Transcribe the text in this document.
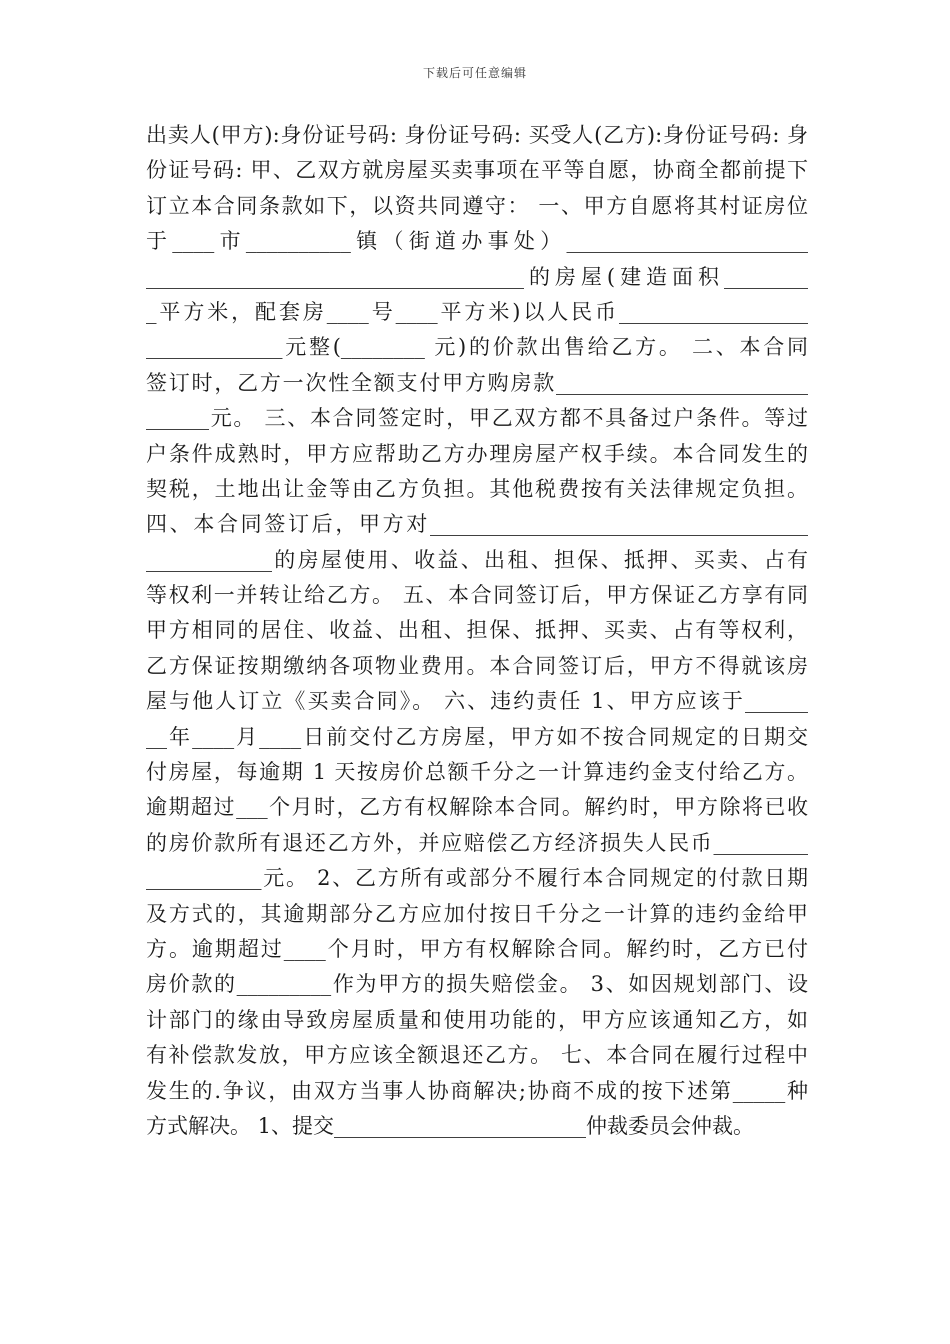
下载后可任意编辑
出卖人(甲方):身份证号码: 身份证号码: 买受人(乙方):身份证号码: 身
份证号码: 甲、乙双方就房屋买卖事项在平等自愿，协商全都前提下
订立本合同条款如下，以资共同遵守： 一、甲方自愿将其村证房位
于____市__________镇（街道办事处）_______________________
____________________________________的房屋(建造面积________
_平方米，配套房____号____平方米)以人民币__________________
_____________元整(________ 元)的价款出售给乙方。 二、本合同
签订时，乙方一次性全额支付甲方购房款________________________
______元。 三、本合同签定时，甲乙双方都不具备过户条件。等过
户条件成熟时，甲方应帮助乙方办理房屋产权手续。本合同发生的
契税，土地出让金等由乙方负担。其他税费按有关法律规定负担。
四、本合同签订后，甲方对____________________________________
____________的房屋使用、收益、出租、担保、抵押、买卖、占有
等权利一并转让给乙方。 五、本合同签订后，甲方保证乙方享有同
甲方相同的居住、收益、出租、担保、抵押、买卖、占有等权利，
乙方保证按期缴纳各项物业费用。本合同签订后，甲方不得就该房
屋与他人订立《买卖合同》。 六、违约责任 1、甲方应该于______
__年____月____日前交付乙方房屋，甲方如不按合同规定的日期交
付房屋，每逾期 1 天按房价总额千分之一计算违约金支付给乙方。
逾期超过___个月时，乙方有权解除本合同。解约时，甲方除将已收
的房价款所有退还乙方外，并应赔偿乙方经济损失人民币_________
___________元。 2、乙方所有或部分不履行本合同规定的付款日期
及方式的，其逾期部分乙方应加付按日千分之一计算的违约金给甲
方。逾期超过____个月时，甲方有权解除合同。解约时，乙方已付
房价款的_________作为甲方的损失赔偿金。 3、如因规划部门、设
计部门的缘由导致房屋质量和使用功能的，甲方应该通知乙方，如
有补偿款发放，甲方应该全额退还乙方。 七、本合同在履行过程中
发生的.争议，由双方当事人协商解决;协商不成的按下述第_____种
方式解决。 1、提交________________________仲裁委员会仲裁。
